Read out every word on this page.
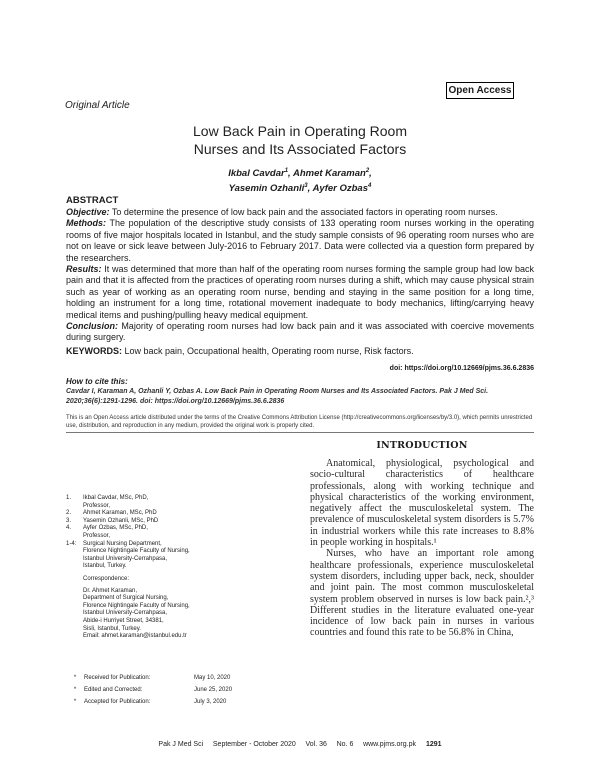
Open Access
Original Article
Low Back Pain in Operating Room
Nurses and Its Associated Factors
Ikbal Cavdar$^1$, Ahmet Karaman$^2$,
Yasemin Ozhanli$^3$, Ayfer Ozbas$^4$
ABSTRACT

Objective: To determine the presence of low back pain and the associated factors in operating room nurses.

Methods: The population of the descriptive study consists of 133 operating room nurses working in the operating rooms of five major hospitals located in Istanbul, and the study sample consists of 96 operating room nurses who are not on leave or sick leave between July-2016 to February 2017. Data were collected via a question form prepared by the researchers.

Results: It was determined that more than half of the operating room nurses forming the sample group had low back pain and that it is affected from the practices of operating room nurses during a shift, which may cause physical strain such as year of working as an operating room nurse, bending and staying in the same position for a long time, holding an instrument for a long time, rotational movement inadequate to body mechanics, lifting/carrying heavy medical items and pushing/pulling heavy medical equipment.

Conclusion: Majority of operating room nurses had low back pain and it was associated with coercive movements during surgery.

KEYWORDS: Low back pain, Occupational health, Operating room nurse, Risk factors.
doi: https://doi.org/10.12669/pjms.36.6.2836
How to cite this:
Cavdar I, Karaman A, Ozhanli Y, Ozbas A. Low Back Pain in Operating Room Nurses and Its Associated Factors. Pak J Med Sci. 2020;36(6):1291-1296. doi: https://doi.org/10.12669/pjms.36.6.2836
This is an Open Access article distributed under the terms of the Creative Commons Attribution License (http://creativecommons.org/licenses/by/3.0), which permits unrestricted use, distribution, and reproduction in any medium, provided the original work is properly cited.
1.	Ikbal Cavdar, MSc, PhD,
Professor,
2.	Ahmet Karaman, MSc, PhD
3.	Yasemin Ozhanli, MSc, PhD
4.	Ayfer Ozbas, MSc, PhD,
Professor,
1-4:	Surgical Nursing Department,
Florence Nightingale Faculty of Nursing,
Istanbul University-Cerrahpasa,
Istanbul, Turkey.
Correspondence:
Dr. Ahmet Karaman,
Department of Surgical Nursing,
Florence Nightingale Faculty of Nursing,
Istanbul University-Cerrahpasa,
Abide-i Hurriyet Street, 34381,
Sisli, Istanbul, Turkey.
Email: ahmet.karaman@istanbul.edu.tr
*	Received for Publication:	May 10, 2020
*	Edited and Corrected:	June 25, 2020
*	Accepted for Publication:	July 3, 2020
INTRODUCTION

Anatomical, physiological, psychological and socio-cultural characteristics of healthcare professionals, along with working technique and physical characteristics of the working environment, negatively affect the musculoskeletal system. The prevalence of musculoskeletal system disorders is 5.7% in industrial workers while this rate increases to 8.8% in people working in hospitals.¹

Nurses, who have an important role among healthcare professionals, experience musculoskeletal system disorders, including upper back, neck, shoulder and joint pain. The most common musculoskeletal system problem observed in nurses is low back pain.²,³ Different studies in the literature evaluated one-year incidence of low back pain in nurses in various countries and found this rate to be 56.8% in China,

Pak J Med Sci     September - October 2020     Vol. 36     No. 6     www.pjms.org.pk 1291
